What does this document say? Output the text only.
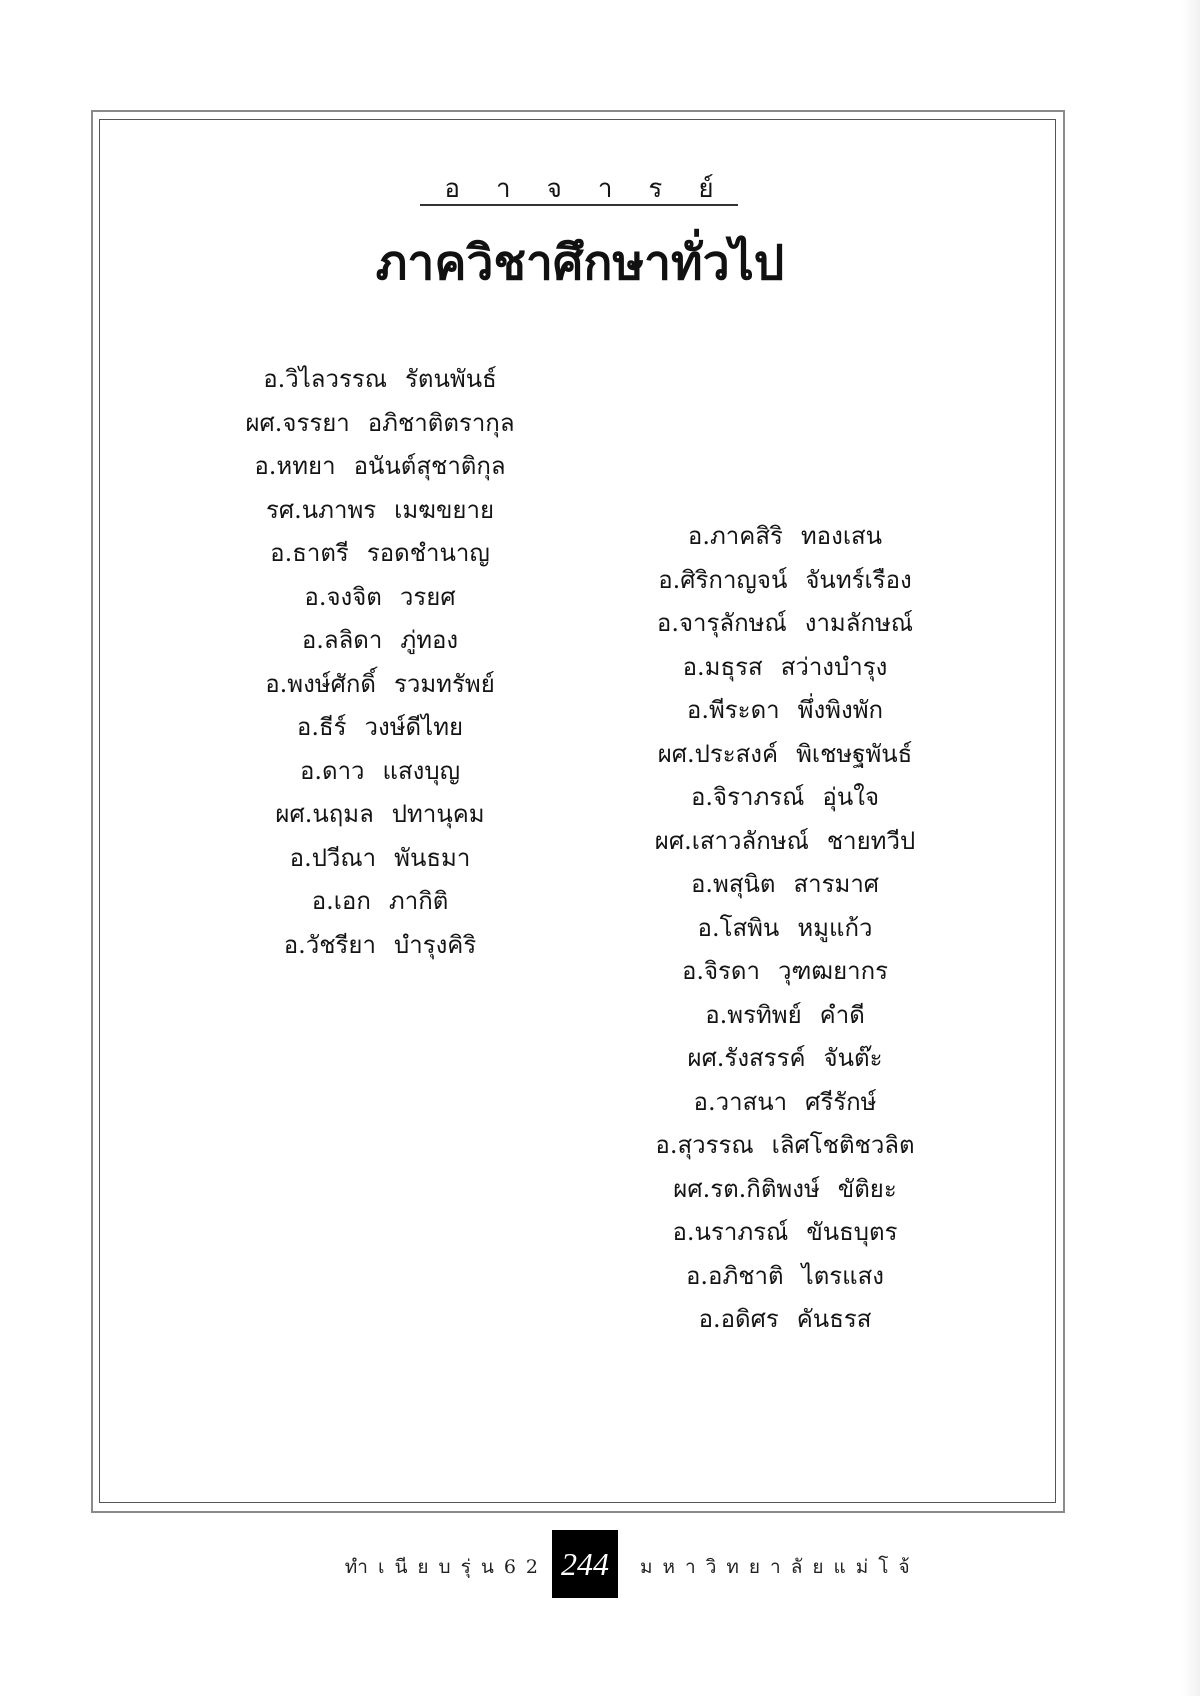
อาจารย์
ภาควิชาศึกษาทั่วไป
อ.วิไลวรรณ รัตนพันธ์
ผศ.จรรยา อภิชาติตรากุล
อ.หทยา อนันต์สุชาติกุล
รศ.นภาพร เมฆขยาย
อ.ธาตรี รอดชำนาญ
อ.จงจิต วรยศ
อ.ลลิดา ภู่ทอง
อ.พงษ์ศักดิ์ รวมทรัพย์
อ.ธีร์ วงษ์ดีไทย
อ.ดาว แสงบุญ
ผศ.นฤมล ปทานุคม
อ.ปวีณา พันธมา
อ.เอก ภากิติ
อ.วัชรียา บำรุงคิริ
อ.ภาคสิริ ทองเสน
อ.ศิริกาญจน์ จันทร์เรือง
อ.จารุลักษณ์ งามลักษณ์
อ.มธุรส สว่างบำรุง
อ.พีระดา พึ่งพิงพัก
ผศ.ประสงค์ พิเชษฐพันธ์
อ.จิราภรณ์ อุ่นใจ
ผศ.เสาวลักษณ์ ชายทวีป
อ.พสุนิต สารมาศ
อ.โสพิน หมูแก้ว
อ.จิรดา วุฑฒยากร
อ.พรทิพย์ คำดี
ผศ.รังสรรค์ จันต๊ะ
อ.วาสนา ศรีรักษ์
อ.สุวรรณ เลิศโชติชวลิต
ผศ.รต.กิติพงษ์ ขัติยะ
อ.นราภรณ์ ขันธบุตร
อ.อภิชาติ ไตรแสง
อ.อดิศร คันธรส
ทำเนียบรุ่น62 244	มหาวิทยาลัยแม่โจ้
